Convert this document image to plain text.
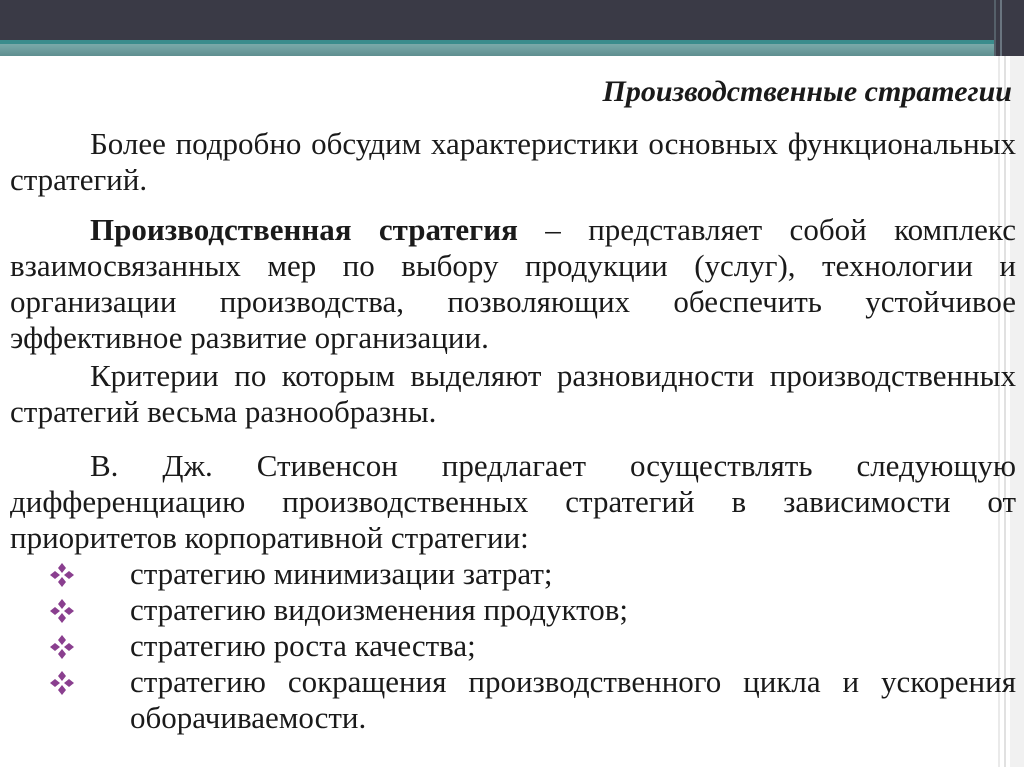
Производственные стратегии

Более подробно обсудим характеристики основных функциональных стратегий.

Производственная стратегия – представляет собой комплекс взаимосвязанных мер по выбору продукции (услуг), технологии и организации производства, позволяющих обеспечить устойчивое эффективное развитие организации.

Критерии по которым выделяют разновидности производственных стратегий весьма разнообразны.

В. Дж. Стивенсон предлагает осуществлять следующую дифференциацию производственных стратегий в зависимости от приоритетов корпоративной стратегии:

стратегию минимизации затрат;
стратегию видоизменения продуктов;
стратегию роста качества;
стратегию сокращения производственного цикла и ускорения оборачиваемости.
